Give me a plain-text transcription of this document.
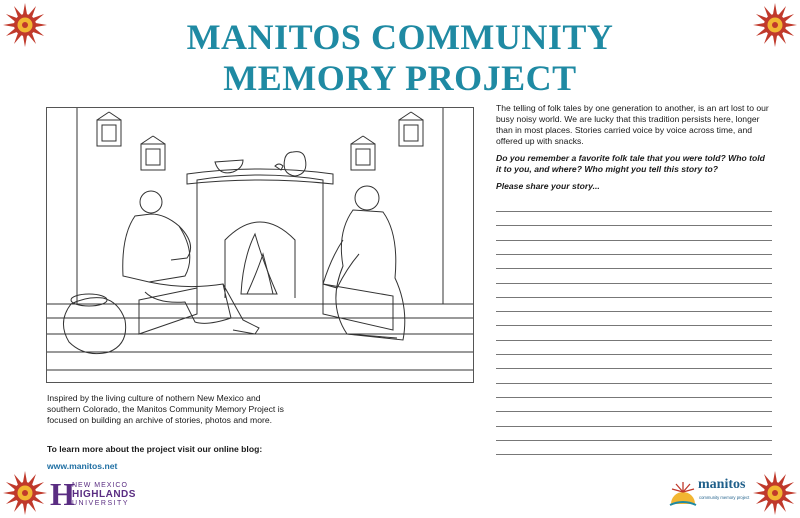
MANITOS COMMUNITY
MEMORY PROJECT

Inspired by the living culture of nothern New Mexico and southern Colorado, the Manitos Community Memory Project is focused on building an archive of stories, photos and more.

To learn more about the project visit our online blog:
www.manitos.net
H
NEW MEXICO
HIGHLANDS
UNIVERSITY

The telling of folk tales by one generation to another, is an art lost to our busy noisy world. We are lucky that this tradition persists here, longer than in most places. Stories carried voice by voice across time, and offered up with snacks.

Do you remember a favorite folk tale that you were told? Who told it to you, and where? Who might you tell this story to?

Please share your story...

manitos
community memory project
